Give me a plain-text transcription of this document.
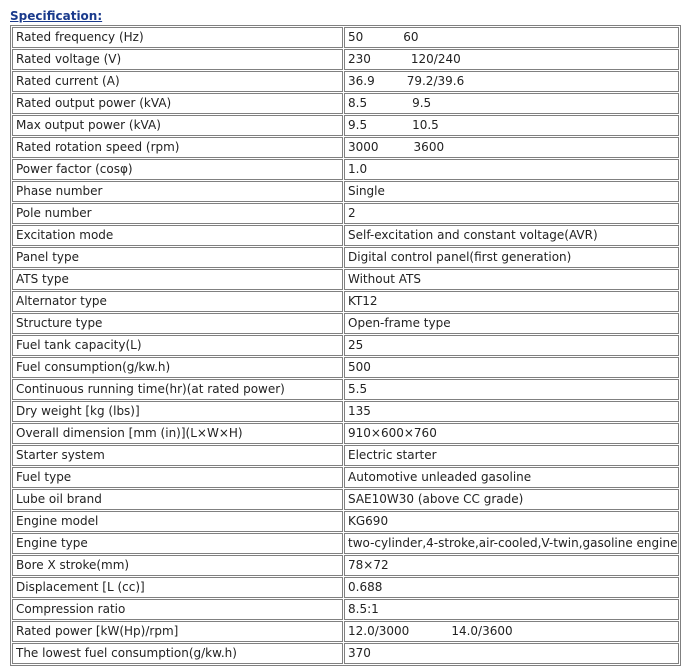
Specification:
Rated frequency (Hz)	50 60
Rated voltage (V)	230 120/240
Rated current (A)	36.9 79.2/39.6
Rated output power (kVA)	8.5 9.5
Max output power (kVA)	9.5 10.5
Rated rotation speed (rpm)	3000 3600
Power factor (cosφ)	1.0
Phase number	Single
Pole number	2
Excitation mode	Self-excitation and constant voltage(AVR)
Panel type	Digital control panel(first generation)
ATS type	Without ATS
Alternator type	KT12
Structure type	Open-frame type
Fuel tank capacity(L)	25
Fuel consumption(g/kw.h)	500
Continuous running time(hr)(at rated power)	5.5
Dry weight [kg (lbs)]	135
Overall dimension [mm (in)](L×W×H)	910×600×760
Starter system	Electric starter
Fuel type	Automotive unleaded gasoline
Lube oil brand	SAE10W30 (above CC grade)
Engine model	KG690
Engine type	two-cylinder,4-stroke,air-cooled,V-twin,gasoline engine
Bore X stroke(mm)	78×72
Displacement [L (cc)]	0.688
Compression ratio	8.5:1
Rated power [kW(Hp)/rpm]	12.0/3000 14.0/3600
The lowest fuel consumption(g/kw.h)	370
